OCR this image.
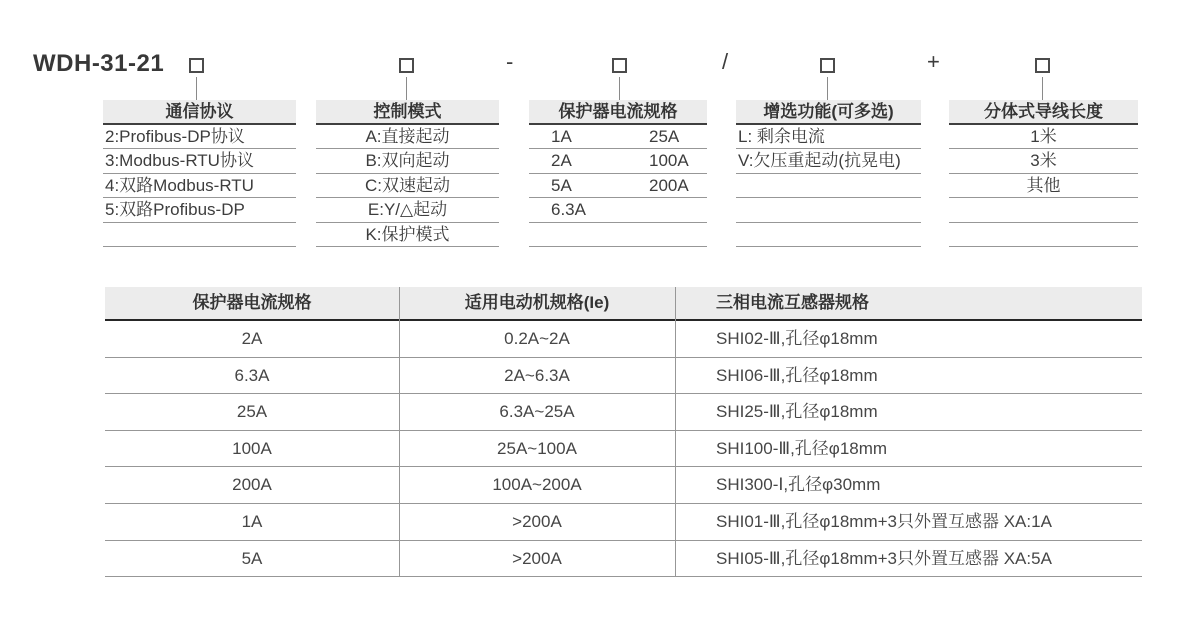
WDH-31-21	-	/	+
通信协议
2:Profibus-DP协议
3:Modbus-RTU协议
4:双路Modbus-RTU
5:双路Profibus-DP
控制模式
A:直接起动
B:双向起动
C:双速起动
E:Y/△起动
K:保护模式
保护器电流规格
1A	25A
2A	100A
5A	200A
6.3A
增选功能(可多选)
L: 剩余电流
V:欠压重起动(抗晃电)
分体式导线长度
1米
3米
其他
保护器电流规格	适用电动机规格(Ie)	三相电流互感器规格
2A	0.2A~2A	SHI02-Ⅲ,孔径φ18mm
6.3A	2A~6.3A	SHI06-Ⅲ,孔径φ18mm
25A	6.3A~25A	SHI25-Ⅲ,孔径φ18mm
100A	25A~100A	SHI100-Ⅲ,孔径φ18mm
200A	100A~200A	SHI300-Ⅰ,孔径φ30mm
1A	>200A	SHI01-Ⅲ,孔径φ18mm+3只外置互感器 XA:1A
5A	>200A	SHI05-Ⅲ,孔径φ18mm+3只外置互感器 XA:5A
